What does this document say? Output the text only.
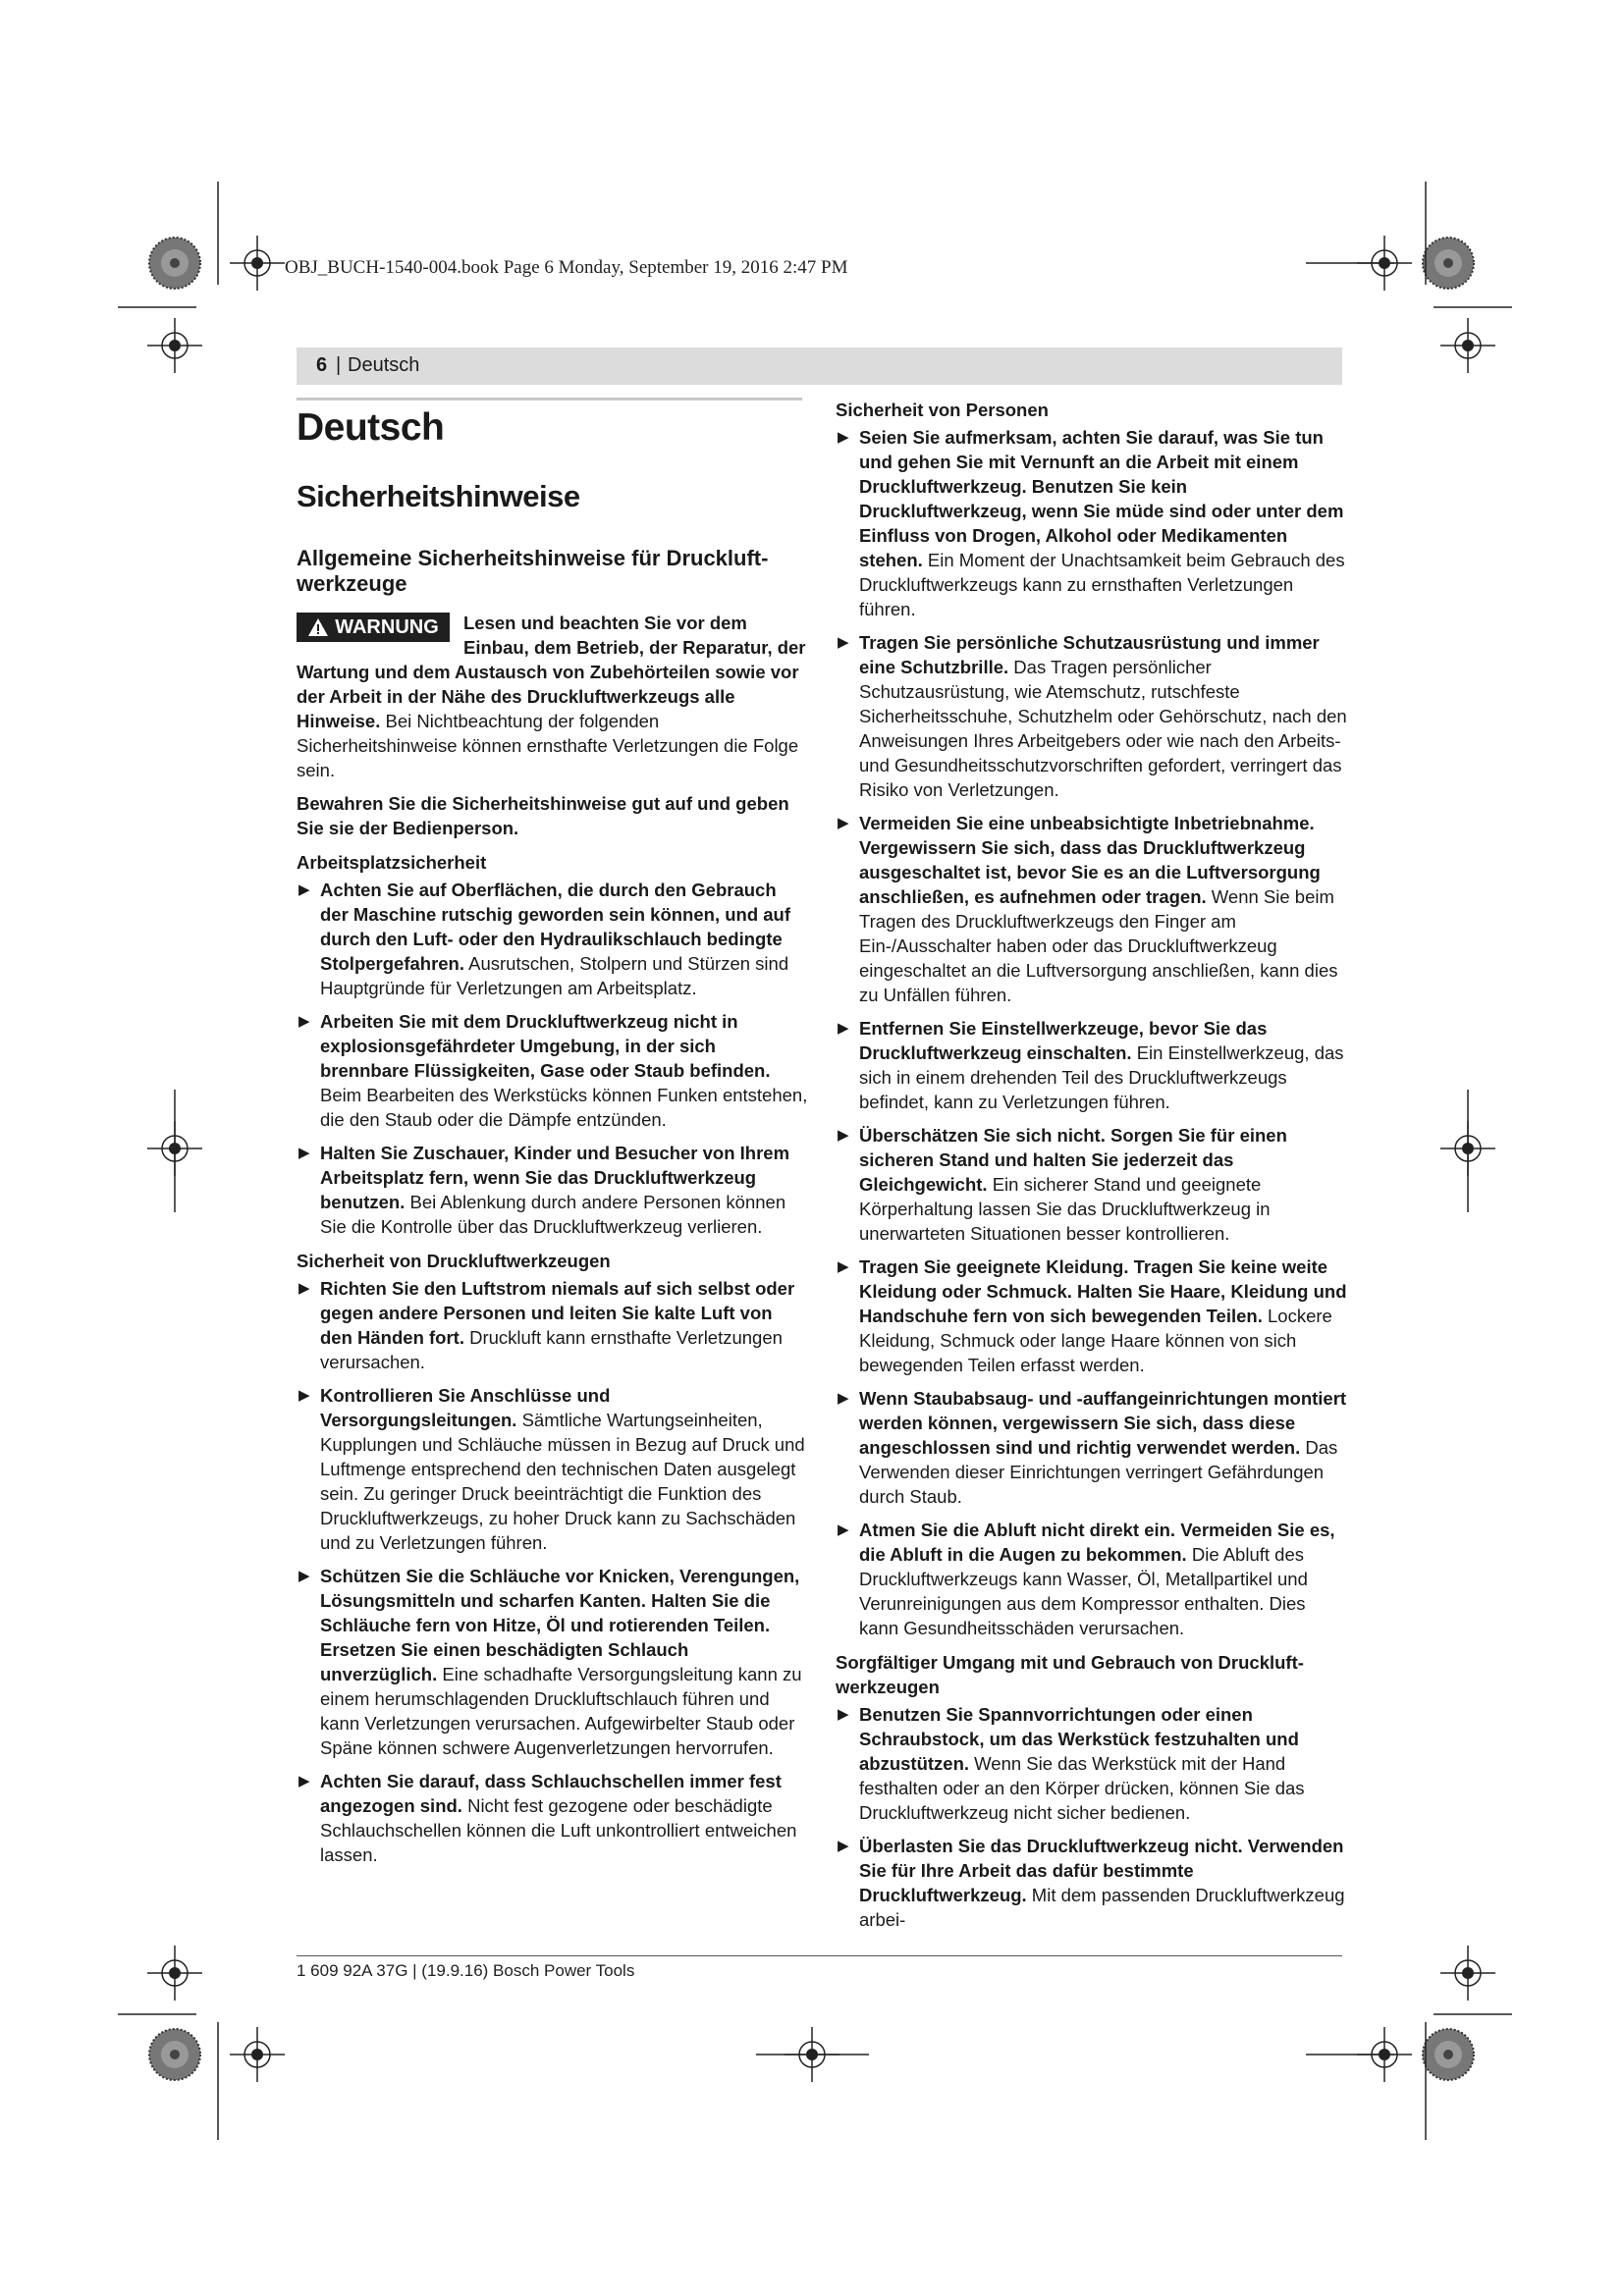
OBJ_BUCH-1540-004.book Page 6 Monday, September 19, 2016 2:47 PM
6 | Deutsch
Deutsch
Sicherheitshinweise
Allgemeine Sicherheitshinweise für Druckluft-werkzeuge
WARNUNG	Lesen und beachten Sie vor dem Einbau, dem Betrieb, der Reparatur, der Wartung und dem Austausch von Zubehörteilen sowie vor der Arbeit in der Nähe des Druckluftwerkzeugs alle Hinweise. Bei Nichtbeachtung der folgenden Sicherheitshinweise können ernsthafte Verletzungen die Folge sein.

Bewahren Sie die Sicherheitshinweise gut auf und geben Sie sie der Bedienperson.

Arbeitsplatzsicherheit
▶ Achten Sie auf Oberflächen, die durch den Gebrauch der Maschine rutschig geworden sein können, und auf durch den Luft- oder den Hydraulikschlauch bedingte Stolpergefahren. Ausrutschen, Stolpern und Stürzen sind Hauptgründe für Verletzungen am Arbeitsplatz.
▶ Arbeiten Sie mit dem Druckluftwerkzeug nicht in explosionsgefährdeter Umgebung, in der sich brennbare Flüssigkeiten, Gase oder Staub befinden. Beim Bearbeiten des Werkstücks können Funken entstehen, die den Staub oder die Dämpfe entzünden.
▶ Halten Sie Zuschauer, Kinder und Besucher von Ihrem Arbeitsplatz fern, wenn Sie das Druckluftwerkzeug benutzen. Bei Ablenkung durch andere Personen können Sie die Kontrolle über das Druckluftwerkzeug verlieren.
Sicherheit von Druckluftwerkzeugen
▶ Richten Sie den Luftstrom niemals auf sich selbst oder gegen andere Personen und leiten Sie kalte Luft von den Händen fort. Druckluft kann ernsthafte Verletzungen verursachen.
▶ Kontrollieren Sie Anschlüsse und Versorgungsleitungen. Sämtliche Wartungseinheiten, Kupplungen und Schläuche müssen in Bezug auf Druck und Luftmenge entsprechend den technischen Daten ausgelegt sein. Zu geringer Druck beeinträchtigt die Funktion des Druckluftwerkzeugs, zu hoher Druck kann zu Sachschäden und zu Verletzungen führen.
▶ Schützen Sie die Schläuche vor Knicken, Verengungen, Lösungsmitteln und scharfen Kanten. Halten Sie die Schläuche fern von Hitze, Öl und rotierenden Teilen. Ersetzen Sie einen beschädigten Schlauch unverzüglich. Eine schadhafte Versorgungsleitung kann zu einem herumschlagenden Druckluftschlauch führen und kann Verletzungen verursachen. Aufgewirbelter Staub oder Späne können schwere Augenverletzungen hervorrufen.
▶ Achten Sie darauf, dass Schlauchschellen immer fest angezogen sind. Nicht fest gezogene oder beschädigte Schlauchschellen können die Luft unkontrolliert entweichen lassen.
Sicherheit von Personen
▶ Seien Sie aufmerksam, achten Sie darauf, was Sie tun und gehen Sie mit Vernunft an die Arbeit mit einem Druckluftwerkzeug. Benutzen Sie kein Druckluftwerkzeug, wenn Sie müde sind oder unter dem Einfluss von Drogen, Alkohol oder Medikamenten stehen. Ein Moment der Unachtsamkeit beim Gebrauch des Druckluftwerkzeugs kann zu ernsthaften Verletzungen führen.
▶ Tragen Sie persönliche Schutzausrüstung und immer eine Schutzbrille. Das Tragen persönlicher Schutzausrüstung, wie Atemschutz, rutschfeste Sicherheitsschuhe, Schutzhelm oder Gehörschutz, nach den Anweisungen Ihres Arbeitgebers oder wie nach den Arbeits- und Gesundheitsschutzvorschriften gefordert, verringert das Risiko von Verletzungen.
▶ Vermeiden Sie eine unbeabsichtigte Inbetriebnahme. Vergewissern Sie sich, dass das Druckluftwerkzeug ausgeschaltet ist, bevor Sie es an die Luftversorgung anschließen, es aufnehmen oder tragen. Wenn Sie beim Tragen des Druckluftwerkzeugs den Finger am Ein-/Ausschalter haben oder das Druckluftwerkzeug eingeschaltet an die Luftversorgung anschließen, kann dies zu Unfällen führen.
▶ Entfernen Sie Einstellwerkzeuge, bevor Sie das Druckluftwerkzeug einschalten. Ein Einstellwerkzeug, das sich in einem drehenden Teil des Druckluftwerkzeugs befindet, kann zu Verletzungen führen.
▶ Überschätzen Sie sich nicht. Sorgen Sie für einen sicheren Stand und halten Sie jederzeit das Gleichgewicht. Ein sicherer Stand und geeignete Körperhaltung lassen Sie das Druckluftwerkzeug in unerwarteten Situationen besser kontrollieren.
▶ Tragen Sie geeignete Kleidung. Tragen Sie keine weite Kleidung oder Schmuck. Halten Sie Haare, Kleidung und Handschuhe fern von sich bewegenden Teilen. Lockere Kleidung, Schmuck oder lange Haare können von sich bewegenden Teilen erfasst werden.
▶ Wenn Staubabsaug- und -auffangeinrichtungen montiert werden können, vergewissern Sie sich, dass diese angeschlossen sind und richtig verwendet werden. Das Verwenden dieser Einrichtungen verringert Gefährdungen durch Staub.
▶ Atmen Sie die Abluft nicht direkt ein. Vermeiden Sie es, die Abluft in die Augen zu bekommen. Die Abluft des Druckluftwerkzeugs kann Wasser, Öl, Metallpartikel und Verunreinigungen aus dem Kompressor enthalten. Dies kann Gesundheitsschäden verursachen.
Sorgfältiger Umgang mit und Gebrauch von Druckluft-werkzeugen
▶ Benutzen Sie Spannvorrichtungen oder einen Schraubstock, um das Werkstück festzuhalten und abzustützen. Wenn Sie das Werkstück mit der Hand festhalten oder an den Körper drücken, können Sie das Druckluftwerkzeug nicht sicher bedienen.
▶ Überlasten Sie das Druckluftwerkzeug nicht. Verwenden Sie für Ihre Arbeit das dafür bestimmte Druckluftwerkzeug. Mit dem passenden Druckluftwerkzeug arbei-
1 609 92A 37G | (19.9.16) Bosch Power Tools
